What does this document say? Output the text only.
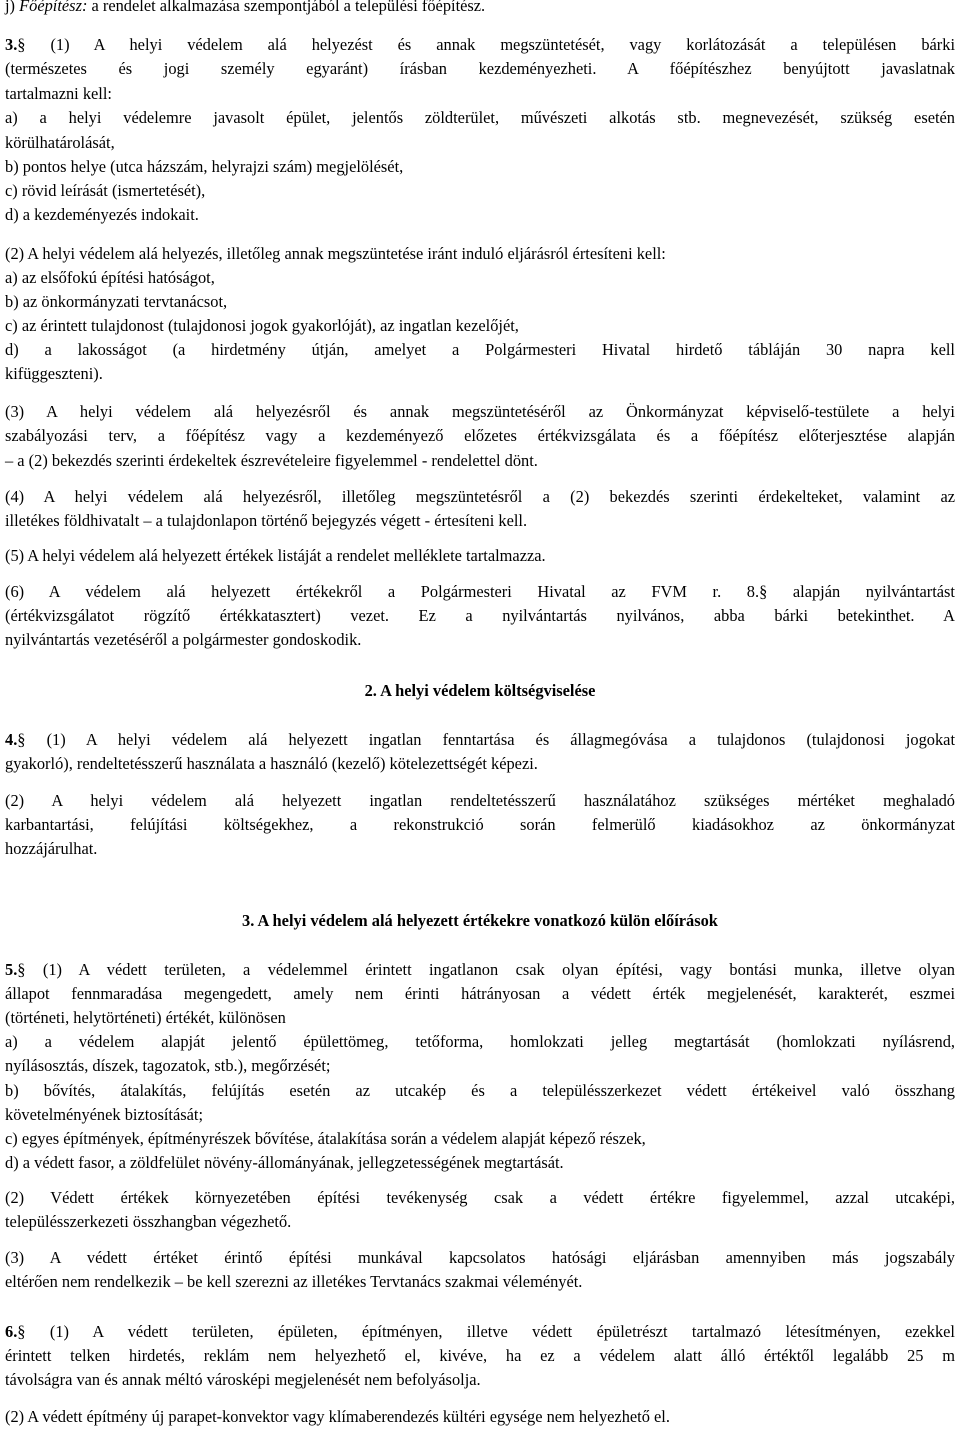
j) Főépítész: a rendelet alkalmazása szempontjából a települési főépítész.
3.§ (1) A helyi védelem alá helyezést és annak megszüntetését, vagy korlátozását a településen bárki
(természetes és jogi személy egyaránt) írásban kezdeményezheti. A főépítészhez benyújtott javaslatnak
tartalmazni kell:
a) a helyi védelemre javasolt épület, jelentős zöldterület, művészeti alkotás stb. megnevezését, szükség esetén
körülhatárolását,
b) pontos helye (utca házszám, helyrajzi szám) megjelölését,
c) rövid leírását (ismertetését),
d) a kezdeményezés indokait.
(2) A helyi védelem alá helyezés, illetőleg annak megszüntetése iránt induló eljárásról értesíteni kell:
a) az elsőfokú építési hatóságot,
b) az önkormányzati tervtanácsot,
c) az érintett tulajdonost (tulajdonosi jogok gyakorlóját), az ingatlan kezelőjét,
d) a lakosságot (a hirdetmény útján, amelyet a Polgármesteri Hivatal hirdető tábláján 30 napra kell
kifüggeszteni).
(3) A helyi védelem alá helyezésről és annak megszüntetéséről az Önkormányzat képviselő-testülete a helyi
szabályozási terv, a főépítész vagy a kezdeményező előzetes értékvizsgálata és a főépítész előterjesztése alapján
– a (2) bekezdés szerinti érdekeltek észrevételeire figyelemmel - rendelettel dönt.
(4) A helyi védelem alá helyezésről, illetőleg megszüntetésről a (2) bekezdés szerinti érdekelteket, valamint az
illetékes földhivatalt – a tulajdonlapon történő bejegyzés végett - értesíteni kell.
(5) A helyi védelem alá helyezett értékek listáját a rendelet melléklete tartalmazza.
(6) A védelem alá helyezett értékekről a Polgármesteri Hivatal az FVM r. 8.§ alapján nyilvántartást
(értékvizsgálatot rögzítő értékkatasztert) vezet. Ez a nyilvántartás nyilvános, abba bárki betekinthet. A
nyilvántartás vezetéséről a polgármester gondoskodik.
2. A helyi védelem költségviselése
4.§ (1) A helyi védelem alá helyezett ingatlan fenntartása és állagmegóvása a tulajdonos (tulajdonosi jogokat
gyakorló), rendeltetésszerű használata a használó (kezelő) kötelezettségét képezi.
(2) A helyi védelem alá helyezett ingatlan rendeltetésszerű használatához szükséges mértéket meghaladó
karbantartási, felújítási költségekhez, a rekonstrukció során felmerülő kiadásokhoz az önkormányzat
hozzájárulhat.
3. A helyi védelem alá helyezett értékekre vonatkozó külön előírások
5.§ (1) A védett területen, a védelemmel érintett ingatlanon csak olyan építési, vagy bontási munka, illetve olyan
állapot fennmaradása megengedett, amely nem érinti hátrányosan a védett érték megjelenését, karakterét, eszmei
(történeti, helytörténeti) értékét, különösen
a) a védelem alapját jelentő épülettömeg, tetőforma, homlokzati jelleg megtartását (homlokzati nyílásrend,
nyílásosztás, díszek, tagozatok, stb.), megőrzését;
b) bővítés, átalakítás, felújítás esetén az utcakép és a településszerkezet védett értékeivel való összhang
követelményének biztosítását;
c) egyes építmények, építményrészek bővítése, átalakítása során a védelem alapját képező részek,
d) a védett fasor, a zöldfelület növény-állományának, jellegzetességének megtartását.
(2) Védett értékek környezetében építési tevékenység csak a védett értékre figyelemmel, azzal utcaképi,
településszerkezeti összhangban végezhető.
(3) A védett értéket érintő építési munkával kapcsolatos hatósági eljárásban amennyiben más jogszabály
eltérően nem rendelkezik – be kell szerezni az illetékes Tervtanács szakmai véleményét.
6.§ (1) A védett területen, épületen, építményen, illetve védett épületrészt tartalmazó létesítményen, ezekkel
érintett telken hirdetés, reklám nem helyezhető el, kivéve, ha ez a védelem alatt álló értéktől legalább 25 m
távolságra van és annak méltó városképi megjelenését nem befolyásolja.
(2) A védett építmény új parapet-konvektor vagy klímaberendezés kültéri egysége nem helyezhető el.
